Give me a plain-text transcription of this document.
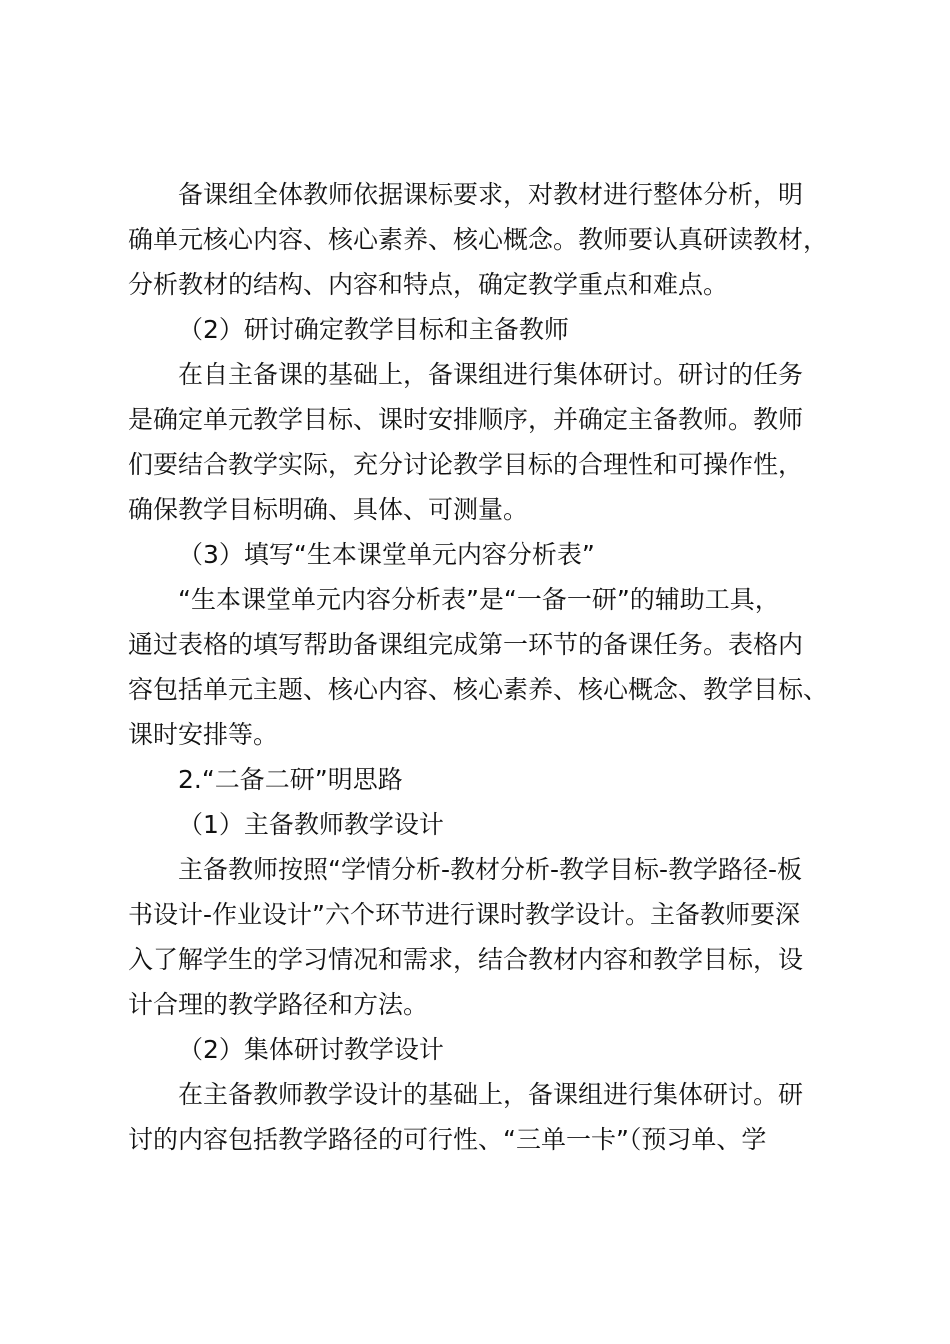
备课组全体教师依据课标要求，对教材进行整体分析，明
确单元核心内容、核心素养、核心概念。教师要认真研读教材，
分析教材的结构、内容和特点，确定教学重点和难点。
（2）研讨确定教学目标和主备教师
在自主备课的基础上，备课组进行集体研讨。研讨的任务
是确定单元教学目标、课时安排顺序，并确定主备教师。教师
们要结合教学实际，充分讨论教学目标的合理性和可操作性，
确保教学目标明确、具体、可测量。
（3）填写“生本课堂单元内容分析表”
“生本课堂单元内容分析表”是“一备一研”的辅助工具，
通过表格的填写帮助备课组完成第一环节的备课任务。表格内
容包括单元主题、核心内容、核心素养、核心概念、教学目标、
课时安排等。
2.“二备二研”明思路
（1）主备教师教学设计
主备教师按照“学情分析-教材分析-教学目标-教学路径-板
书设计-作业设计”六个环节进行课时教学设计。主备教师要深
入了解学生的学习情况和需求，结合教材内容和教学目标，设
计合理的教学路径和方法。
（2）集体研讨教学设计
在主备教师教学设计的基础上，备课组进行集体研讨。研
讨的内容包括教学路径的可行性、“三单一卡”（预习单、学
